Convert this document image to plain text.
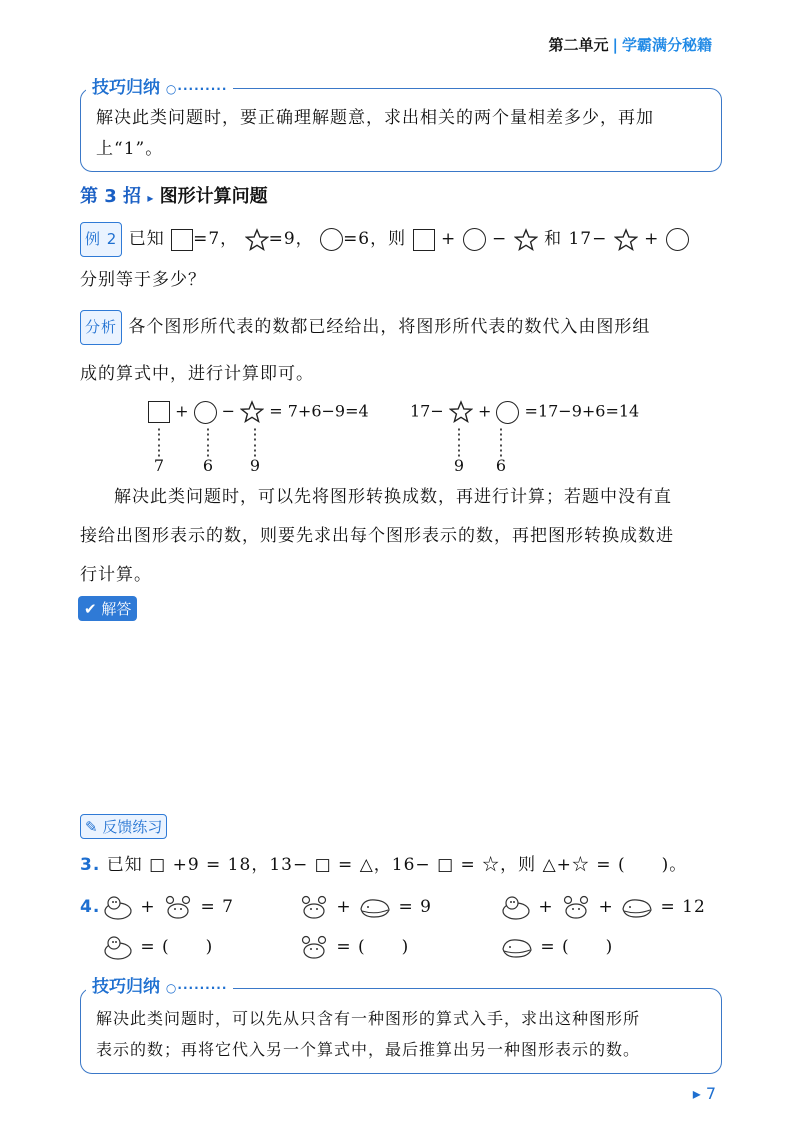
第二单元 | 学霸满分秘籍
技巧归纳 ○·········
解决此类问题时，要正确理解题意，求出相关的两个量相差多少，再加
上“1”。
第 3 招 ▸ 图形计算问题
例 2 已知 =7， =9， =6，则 + − 和 17− +
分别等于多少？
分析 各个图形所代表的数都已经给出，将图形所代表的数代入由图形组
成的算式中，进行计算即可。
+  −  = 7+6−9=4
⋮
⋮
7
⋮
⋮
6
⋮
⋮
9
17−  +  =17−9+6=14
⋮
⋮
9
⋮
⋮
6
解决此类问题时，可以先将图形转换成数，再进行计算；若题中没有直
接给出图形表示的数，则要先求出每个图形表示的数，再把图形转换成数进
行计算。
✔ 解答
✎ 反馈练习
3. 已知 □ +9 = 18，13− □ = △，16− □ = ☆，则 △+☆ = (　　)。
4.	+  = 7	+  = 9	+  +  = 12
= (　　)	= (　　)	= (　　)
技巧归纳 ○·········
解决此类问题时，可以先从只含有一种图形的算式入手，求出这种图形所
表示的数；再将它代入另一个算式中，最后推算出另一种图形表示的数。
▸ 7
